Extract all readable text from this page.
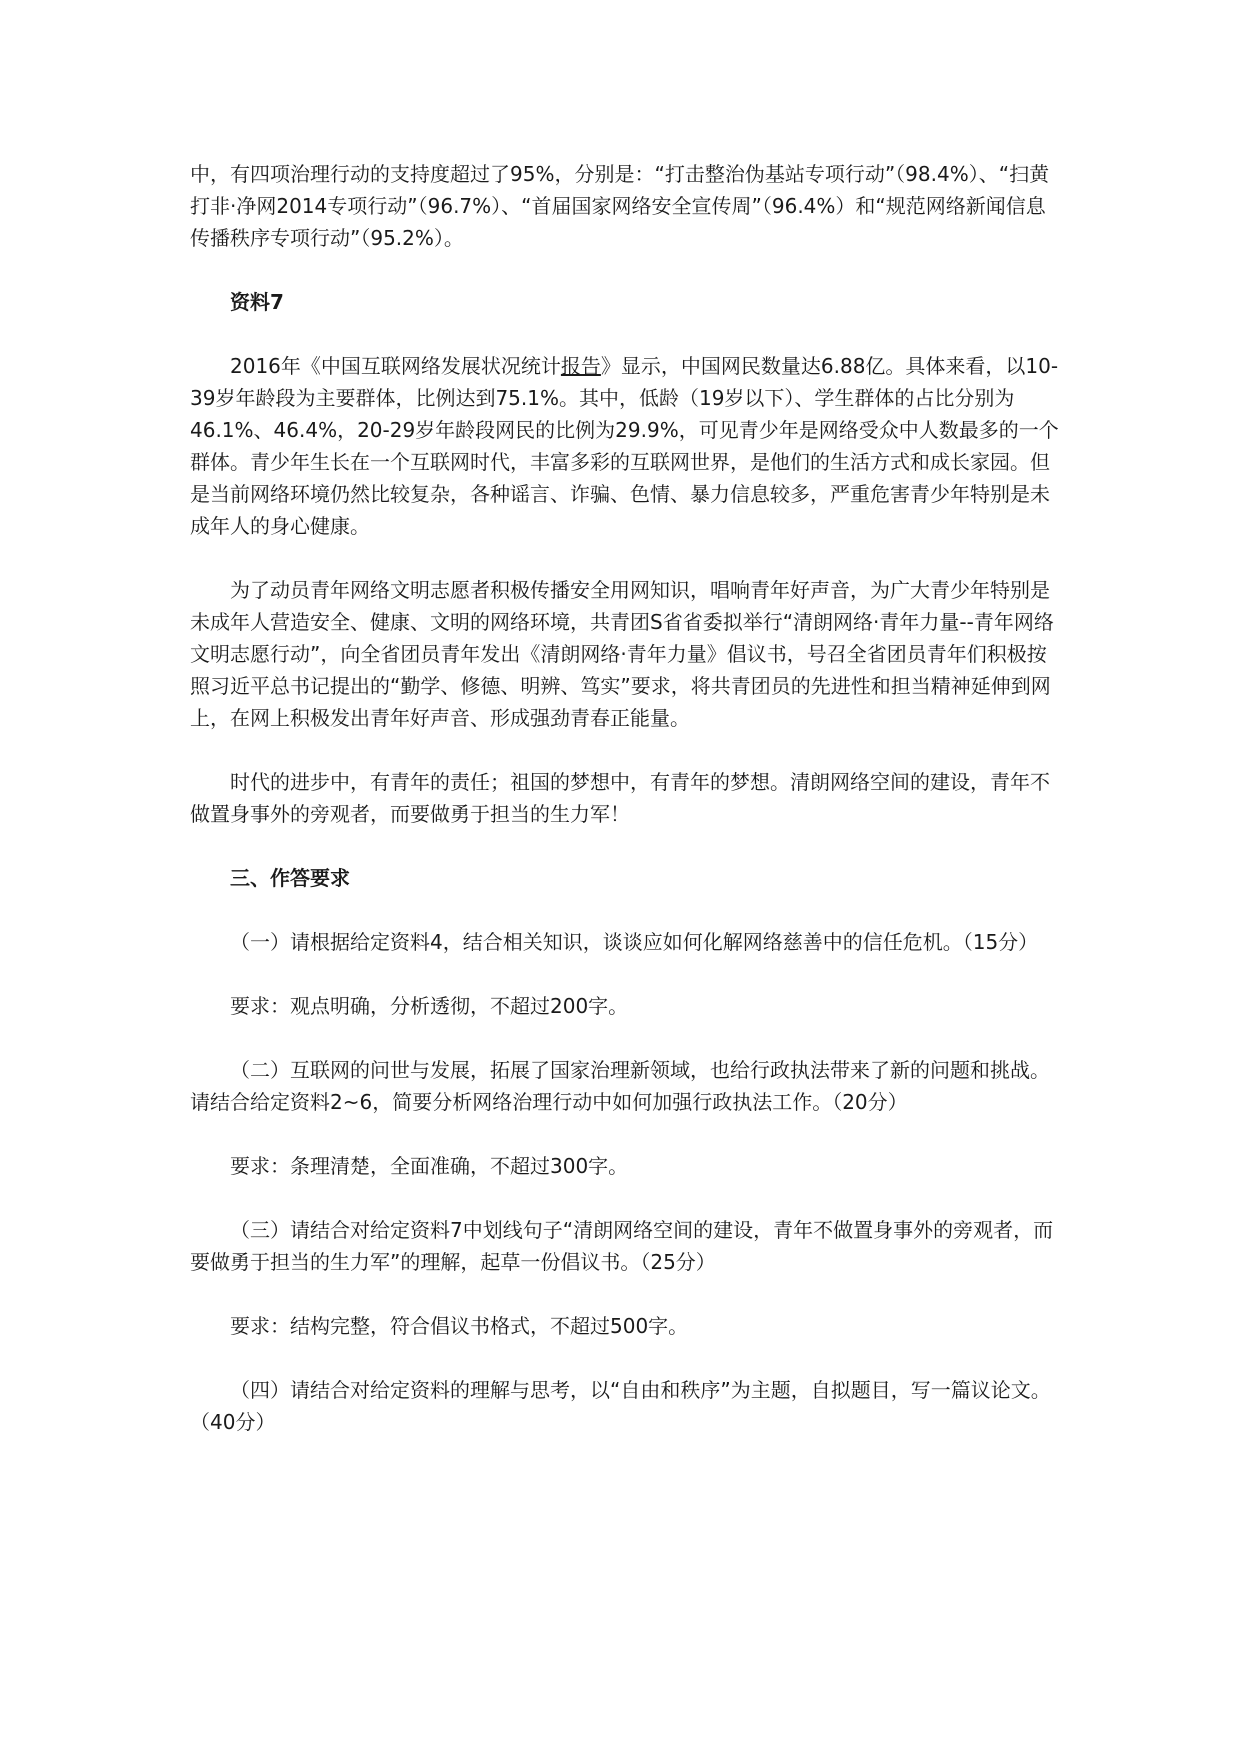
中，有四项治理行动的支持度超过了95%，分别是：“打击整治伪基站专项行动”（98.4%）、“扫黄打非·净网2014专项行动”（96.7%）、“首届国家网络安全宣传周”（96.4%）和“规范网络新闻信息传播秩序专项行动”（95.2%）。

资料7

2016年《中国互联网络发展状况统计报告》显示，中国网民数量达6.88亿。具体来看，以10-39岁年龄段为主要群体，比例达到75.1%。其中，低龄（19岁以下）、学生群体的占比分别为46.1%、46.4%，20-29岁年龄段网民的比例为29.9%，可见青少年是网络受众中人数最多的一个群体。青少年生长在一个互联网时代，丰富多彩的互联网世界，是他们的生活方式和成长家园。但是当前网络环境仍然比较复杂，各种谣言、诈骗、色情、暴力信息较多，严重危害青少年特别是未成年人的身心健康。

为了动员青年网络文明志愿者积极传播安全用网知识，唱响青年好声音，为广大青少年特别是未成年人营造安全、健康、文明的网络环境，共青团S省省委拟举行“清朗网络·青年力量--青年网络文明志愿行动”，向全省团员青年发出《清朗网络·青年力量》倡议书，号召全省团员青年们积极按照习近平总书记提出的“勤学、修德、明辨、笃实”要求，将共青团员的先进性和担当精神延伸到网上，在网上积极发出青年好声音、形成强劲青春正能量。

时代的进步中，有青年的责任；祖国的梦想中，有青年的梦想。清朗网络空间的建设，青年不做置身事外的旁观者，而要做勇于担当的生力军！

三、作答要求

（一）请根据给定资料4，结合相关知识，谈谈应如何化解网络慈善中的信任危机。（15分）

要求：观点明确，分析透彻，不超过200字。

（二）互联网的问世与发展，拓展了国家治理新领域，也给行政执法带来了新的问题和挑战。请结合给定资料2~6，简要分析网络治理行动中如何加强行政执法工作。（20分）

要求：条理清楚，全面准确，不超过300字。

（三）请结合对给定资料7中划线句子“清朗网络空间的建设，青年不做置身事外的旁观者，而要做勇于担当的生力军”的理解，起草一份倡议书。（25分）

要求：结构完整，符合倡议书格式，不超过500字。

（四）请结合对给定资料的理解与思考，以“自由和秩序”为主题，自拟题目，写一篇议论文。（40分）
